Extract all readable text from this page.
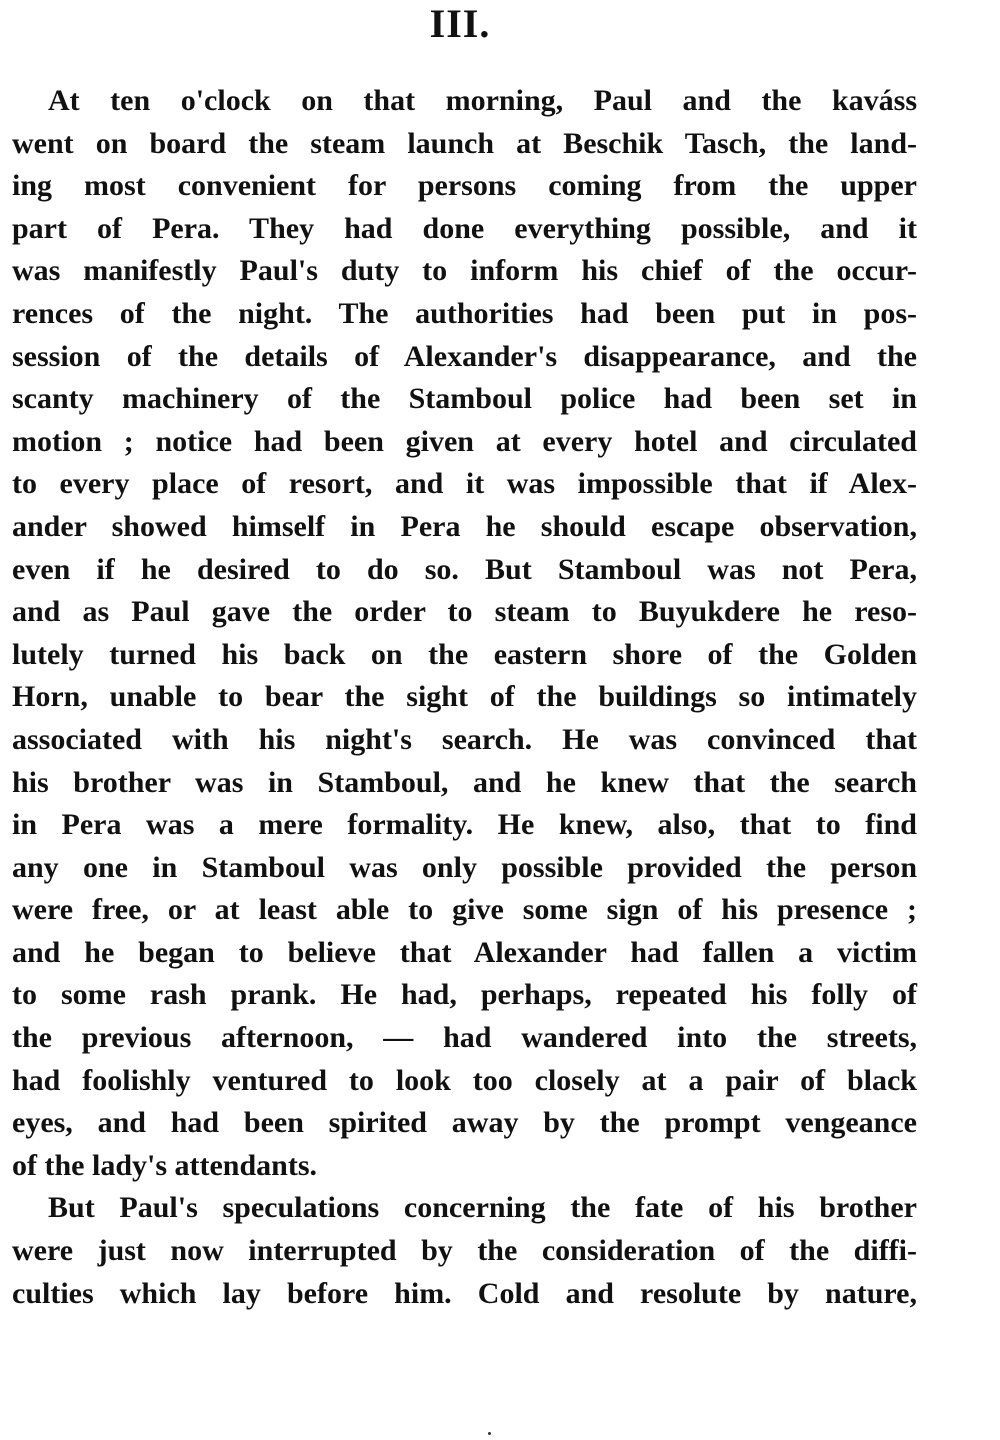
III.
At ten o'clock on that morning, Paul and the kaváss
went on board the steam launch at Beschik Tasch, the land-
ing most convenient for persons coming from the upper
part of Pera. They had done everything possible, and it
was manifestly Paul's duty to inform his chief of the occur-
rences of the night. The authorities had been put in pos-
session of the details of Alexander's disappearance, and the
scanty machinery of the Stamboul police had been set in
motion ; notice had been given at every hotel and circulated
to every place of resort, and it was impossible that if Alex-
ander showed himself in Pera he should escape observation,
even if he desired to do so. But Stamboul was not Pera,
and as Paul gave the order to steam to Buyukdere he reso-
lutely turned his back on the eastern shore of the Golden
Horn, unable to bear the sight of the buildings so intimately
associated with his night's search. He was convinced that
his brother was in Stamboul, and he knew that the search
in Pera was a mere formality. He knew, also, that to find
any one in Stamboul was only possible provided the person
were free, or at least able to give some sign of his presence ;
and he began to believe that Alexander had fallen a victim
to some rash prank. He had, perhaps, repeated his folly of
the previous afternoon, — had wandered into the streets,
had foolishly ventured to look too closely at a pair of black
eyes, and had been spirited away by the prompt vengeance
of the lady's attendants.
But Paul's speculations concerning the fate of his brother
were just now interrupted by the consideration of the diffi-
culties which lay before him. Cold and resolute by nature,
